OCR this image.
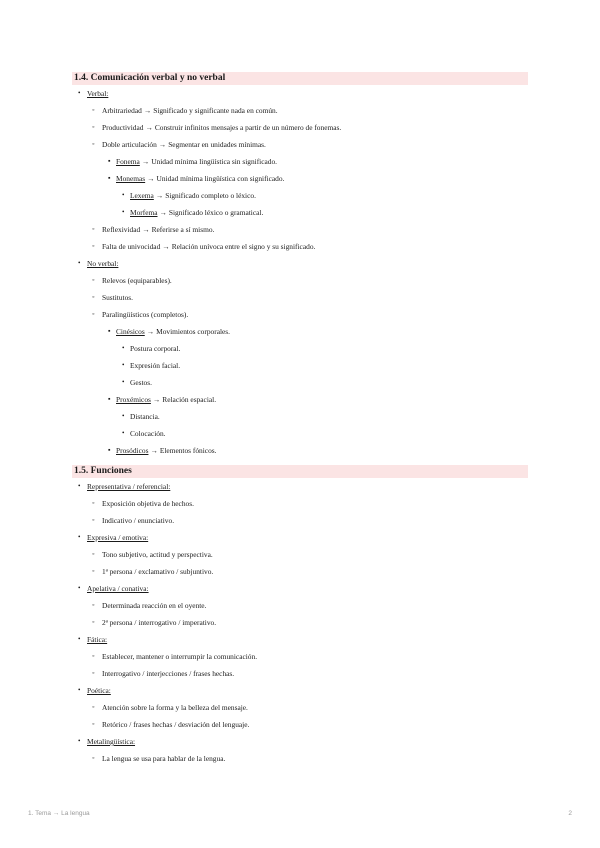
1.4. Comunicación verbal y no verbal
• Verbal:
◦ Arbitrariedad → Significado y significante nada en común.
◦ Productividad → Construir infinitos mensajes a partir de un número de fonemas.
◦ Doble articulación → Segmentar en unidades mínimas.
▪ Fonema → Unidad mínima lingüística sin significado.
▪ Monemas → Unidad mínima lingüística con significado.
• Lexema → Significado completo o léxico.
• Morfema → Significado léxico o gramatical.
◦ Reflexividad → Referirse a sí mismo.
◦ Falta de univocidad → Relación unívoca entre el signo y su significado.
• No verbal:
◦ Relevos (equiparables).
◦ Sustitutos.
◦ Paralingüísticos (completos).
▪ Cinésicos → Movimientos corporales.
• Postura corporal.
• Expresión facial.
• Gestos.
▪ Proxémicos → Relación espacial.
• Distancia.
• Colocación.
▪ Prosódicos → Elementos fónicos.
1.5. Funciones
• Representativa / referencial:
◦ Exposición objetiva de hechos.
◦ Indicativo / enunciativo.
• Expresiva / emotiva:
◦ Tono subjetivo, actitud y perspectiva.
◦ 1ª persona / exclamativo / subjuntivo.
• Apelativa / conativa:
◦ Determinada reacción en el oyente.
◦ 2ª persona / interrogativo / imperativo.
• Fática:
◦ Establecer, mantener o interrumpir la comunicación.
◦ Interrogativo / interjecciones / frases hechas.
• Poética:
◦ Atención sobre la forma y la belleza del mensaje.
◦ Retórico / frases hechas / desviación del lenguaje.
• Metalingüística:
◦ La lengua se usa para hablar de la lengua.
1. Tema → La lengua	2
